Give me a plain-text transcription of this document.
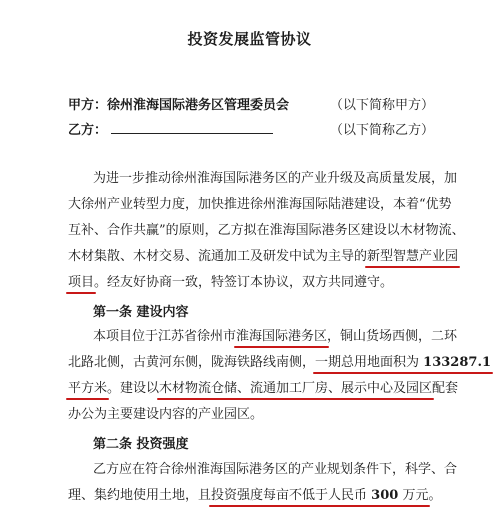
投资发展监管协议
甲方：徐州淮海国际港务区管理委员会	（以下简称甲方）
乙方：	（以下简称乙方）
为进一步推动徐州淮海国际港务区的产业升级及高质量发展，加
大徐州产业转型力度，加快推进徐州淮海国际陆港建设，本着“优势
互补、合作共赢”的原则，乙方拟在淮海国际港务区建设以木材物流、
木材集散、木材交易、流通加工及研发中试为主导的新型智慧产业园
项目。经友好协商一致，特签订本协议，双方共同遵守。
第一条 建设内容
本项目位于江苏省徐州市淮海国际港务区，铜山货场西侧，二环
北路北侧，古黄河东侧，陇海铁路线南侧，一期总用地面积为 133287.1
平方米。建设以木材物流仓储、流通加工厂房、展示中心及园区配套
办公为主要建设内容的产业园区。
第二条 投资强度
乙方应在符合徐州淮海国际港务区的产业规划条件下，科学、合
理、集约地使用土地，且投资强度每亩不低于人民币 300 万元。
